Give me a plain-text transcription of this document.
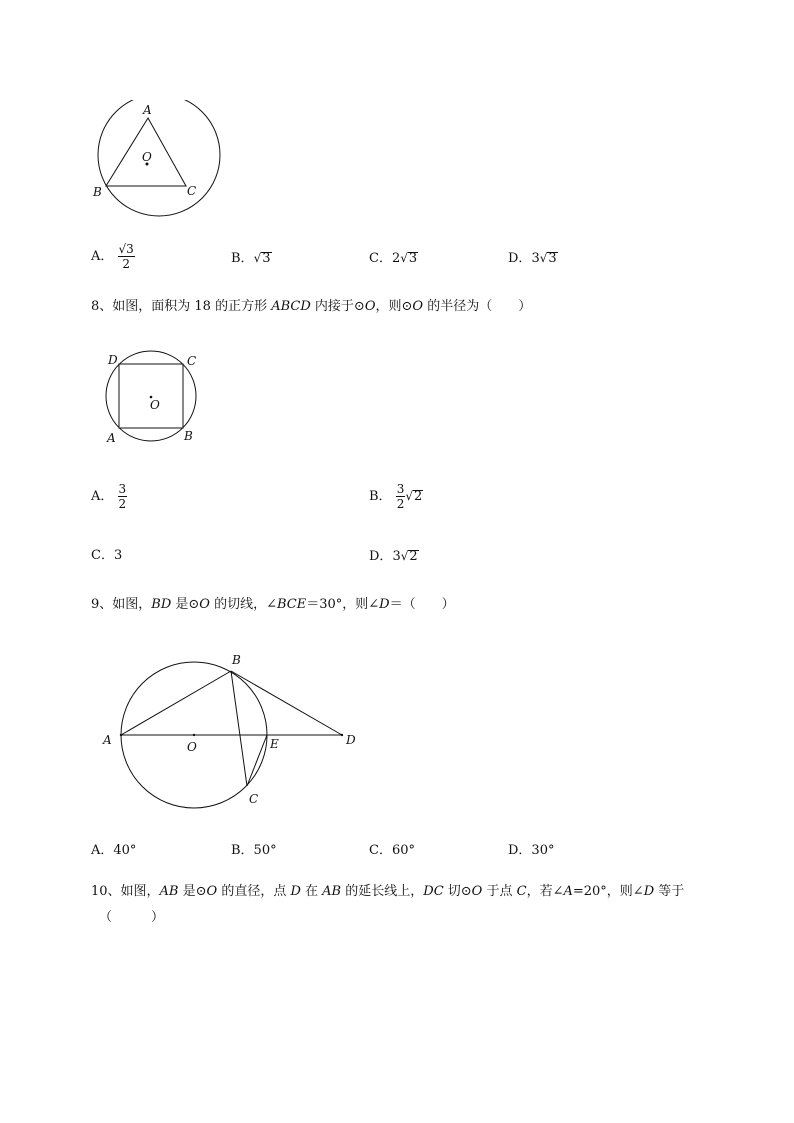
A
O
B	C
A． $\frac{√3}{2}$	B．√3	C．2√3	D．3√3
8、如图，面积为 18 的正方形 ABCD 内接于⊙O，则⊙O 的半径为（　　）
D	C
O
A	B
A． $\frac{3}{2}$	B． $\frac{3}{2} √2$
C．3	D．3√2
9、如图，BD 是⊙O 的切线，∠BCE＝30°，则∠D＝（　　）
B
A	O	E	D
C
A．40°	B．50°	C．60°	D．30°
10、如图，AB 是⊙O 的直径，点 D 在 AB 的延长线上，DC 切⊙O 于点 C，若∠A=20°，则∠D 等于
（　　　）
